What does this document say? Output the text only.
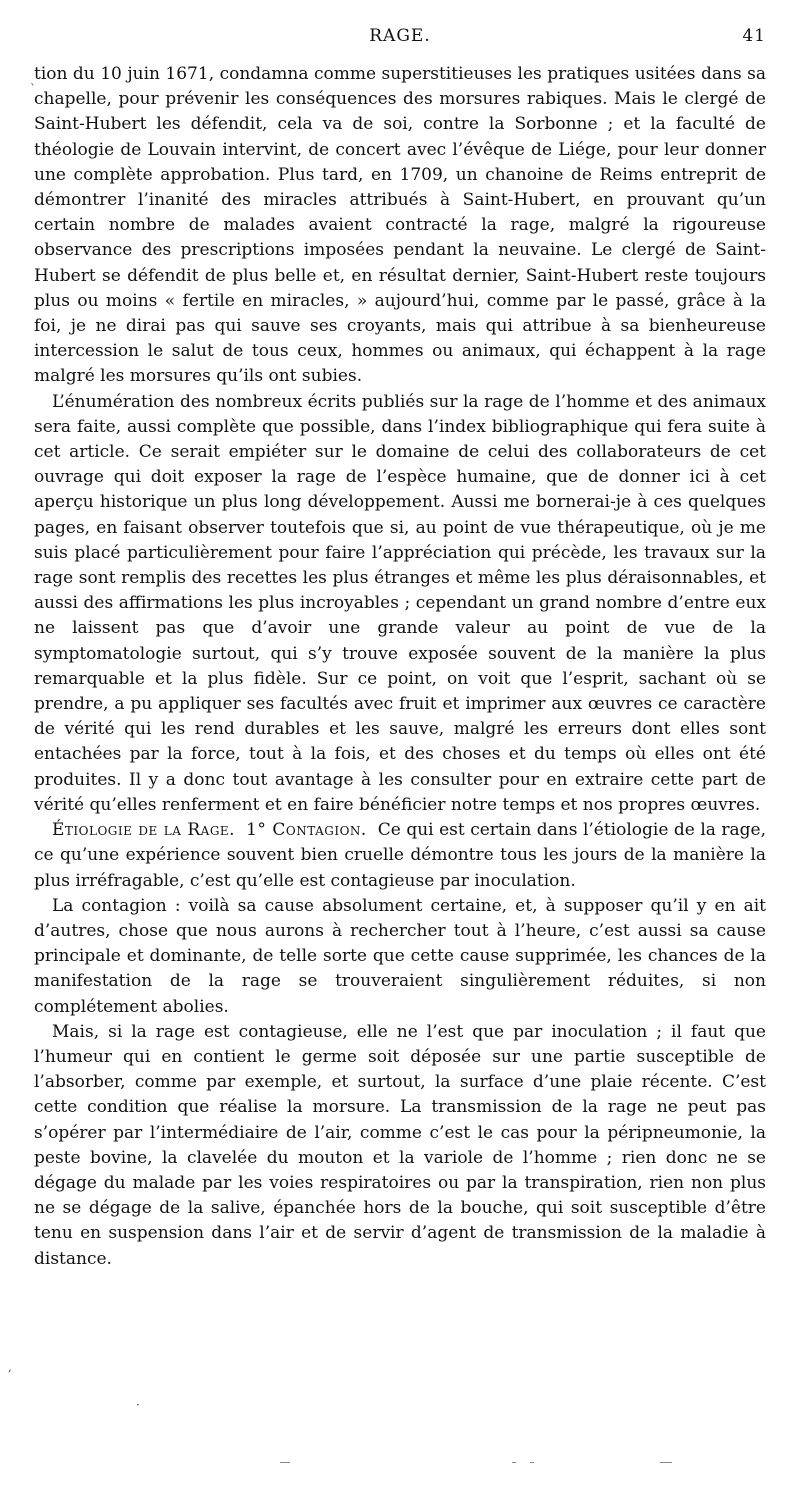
RAGE.	41

tion du 10 juin 1671, condamna comme superstitieuses les pratiques usitées dans sa chapelle, pour prévenir les conséquences des morsures rabiques. Mais le clergé de Saint-Hubert les défendit, cela va de soi, contre la Sorbonne ; et la faculté de théologie de Louvain intervint, de concert avec l’évêque de Liége, pour leur donner une complète approbation. Plus tard, en 1709, un chanoine de Reims entreprit de démontrer l’inanité des miracles attribués à Saint-Hubert, en prouvant qu’un certain nombre de malades avaient contracté la rage, malgré la rigoureuse observance des prescriptions imposées pendant la neuvaine. Le clergé de Saint-Hubert se défendit de plus belle et, en résultat dernier, Saint-Hubert reste toujours plus ou moins « fertile en miracles, » aujourd’hui, comme par le passé, grâce à la foi, je ne dirai pas qui sauve ses croyants, mais qui attribue à sa bienheureuse intercession le salut de tous ceux, hommes ou animaux, qui échappent à la rage malgré les morsures qu’ils ont subies.

L’énumération des nombreux écrits publiés sur la rage de l’homme et des animaux sera faite, aussi complète que possible, dans l’index bibliographique qui fera suite à cet article. Ce serait empiéter sur le domaine de celui des collaborateurs de cet ouvrage qui doit exposer la rage de l’espèce humaine, que de donner ici à cet aperçu historique un plus long développement. Aussi me bornerai-je à ces quelques pages, en faisant observer toutefois que si, au point de vue thérapeutique, où je me suis placé particulièrement pour faire l’appréciation qui précède, les travaux sur la rage sont remplis des recettes les plus étranges et même les plus déraisonnables, et aussi des affirmations les plus incroyables ; cependant un grand nombre d’entre eux ne laissent pas que d’avoir une grande valeur au point de vue de la symptomatologie surtout, qui s’y trouve exposée souvent de la manière la plus remarquable et la plus fidèle. Sur ce point, on voit que l’esprit, sachant où se prendre, a pu appliquer ses facultés avec fruit et imprimer aux œuvres ce caractère de vérité qui les rend durables et les sauve, malgré les erreurs dont elles sont entachées par la force, tout à la fois, et des choses et du temps où elles ont été produites. Il y a donc tout avantage à les consulter pour en extraire cette part de vérité qu’elles renferment et en faire bénéficier notre temps et nos propres œuvres.

Étiologie de la Rage. 1° Contagion. Ce qui est certain dans l’étiologie de la rage, ce qu’une expérience souvent bien cruelle démontre tous les jours de la manière la plus irréfragable, c’est qu’elle est contagieuse par inoculation.

La contagion : voilà sa cause absolument certaine, et, à supposer qu’il y en ait d’autres, chose que nous aurons à rechercher tout à l’heure, c’est aussi sa cause principale et dominante, de telle sorte que cette cause supprimée, les chances de la manifestation de la rage se trouveraient singulièrement réduites, si non complétement abolies.

Mais, si la rage est contagieuse, elle ne l’est que par inoculation ; il faut que l’humeur qui en contient le germe soit déposée sur une partie susceptible de l’absorber, comme par exemple, et surtout, la surface d’une plaie récente. C’est cette condition que réalise la morsure. La transmission de la rage ne peut pas s’opérer par l’intermédiaire de l’air, comme c’est le cas pour la péripneumonie, la peste bovine, la clavelée du mouton et la variole de l’homme ; rien donc ne se dégage du malade par les voies respiratoires ou par la transpiration, rien non plus ne se dégage de la salive, épanchée hors de la bouche, qui soit susceptible d’être tenu en suspension dans l’air et de servir d’agent de transmission de la maladie à distance.

`
,
·
